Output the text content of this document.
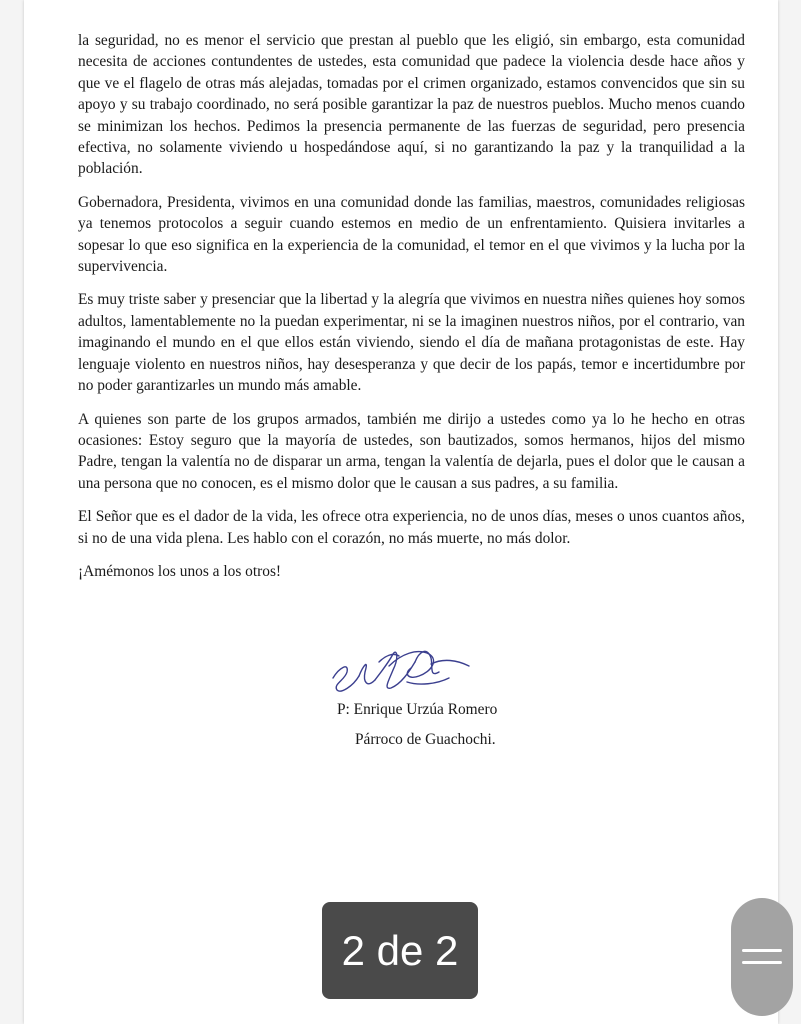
la seguridad, no es menor el servicio que prestan al pueblo que les eligió, sin embargo, esta comunidad necesita de acciones contundentes de ustedes, esta comunidad que padece la violencia desde hace años y que ve el flagelo de otras más alejadas, tomadas por el crimen organizado, estamos convencidos que sin su apoyo y su trabajo coordinado, no será posible garantizar la paz de nuestros pueblos. Mucho menos cuando se minimizan los hechos. Pedimos la presencia permanente de las fuerzas de seguridad, pero presencia efectiva, no solamente viviendo u hospedándose aquí, si no garantizando la paz y la tranquilidad a la población.

Gobernadora, Presidenta, vivimos en una comunidad donde las familias, maestros, comunidades religiosas ya tenemos protocolos a seguir cuando estemos en medio de un enfrentamiento. Quisiera invitarles a sopesar lo que eso significa en la experiencia de la comunidad, el temor en el que vivimos y la lucha por la supervivencia.

Es muy triste saber y presenciar que la libertad y la alegría que vivimos en nuestra niñes quienes hoy somos adultos, lamentablemente no la puedan experimentar, ni se la imaginen nuestros niños, por el contrario, van imaginando el mundo en el que ellos están viviendo, siendo el día de mañana protagonistas de este. Hay lenguaje violento en nuestros niños, hay desesperanza y que decir de los papás, temor e incertidumbre por no poder garantizarles un mundo más amable.

A quienes son parte de los grupos armados, también me dirijo a ustedes como ya lo he hecho en otras ocasiones: Estoy seguro que la mayoría de ustedes, son bautizados, somos hermanos, hijos del mismo Padre, tengan la valentía no de disparar un arma, tengan la valentía de dejarla, pues el dolor que le causan a una persona que no conocen, es el mismo dolor que le causan a sus padres, a su familia.

El Señor que es el dador de la vida, les ofrece otra experiencia, no de unos días, meses o unos cuantos años, si no de una vida plena. Les hablo con el corazón, no más muerte, no más dolor.

¡Amémonos los unos a los otros!

P: Enrique Urzúa Romero
Párroco de Guachochi.
2 de 2
